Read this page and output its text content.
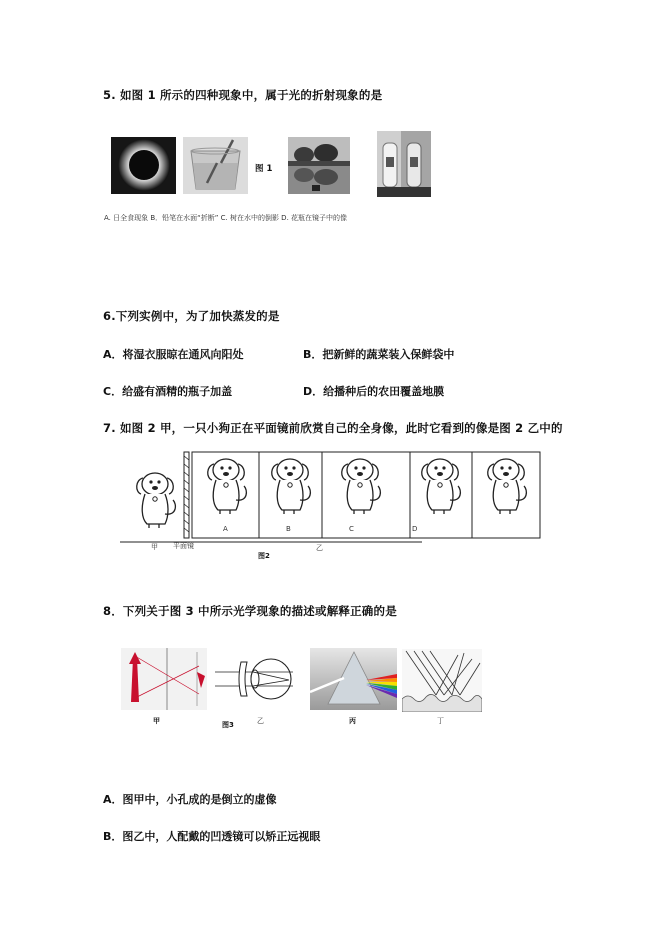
5. 如图 1 所示的四种现象中，属于光的折射现象的是
图 1
A. 日全食现象 B．铅笔在水面“折断” C. 树在水中的倒影 D. 花瓶在镜子中的像
6.下列实例中，为了加快蒸发的是
A．将湿衣服晾在通风向阳处	B．把新鲜的蔬菜装入保鲜袋中
C．给盛有酒精的瓶子加盖	D．给播种后的农田覆盖地膜
7. 如图 2 甲，一只小狗正在平面镜前欣赏自己的全身像，此时它看到的像是图 2 乙中的
A	B	C	D
甲 平面镜	乙
图2
8．下列关于图 3 中所示光学现象的描述或解释正确的是
甲	图3	乙	丙	丁
A．图甲中，小孔成的是倒立的虚像
B．图乙中，人配戴的凹透镜可以矫正远视眼
